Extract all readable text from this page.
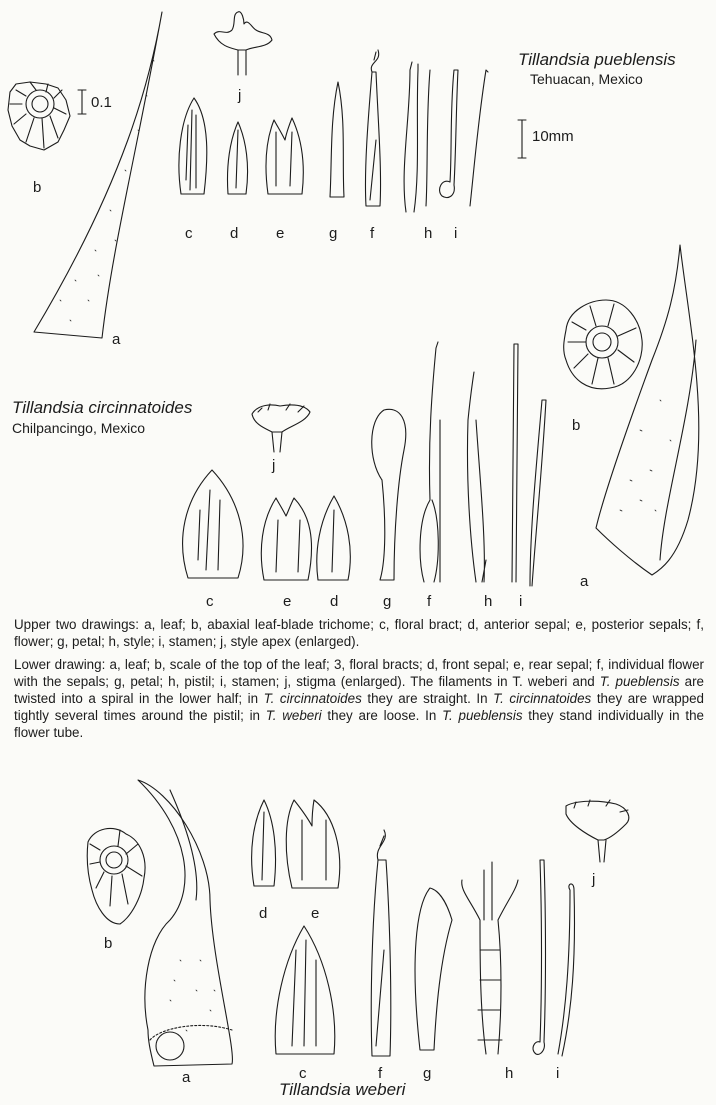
Tillandsia pueblensis
Tehuacan, Mexico
0.1
10mm
j
b
c	d	e	g f	h i
a
Tillandsia circinnatoides
Chilpancingo, Mexico	b
j
a
c	e	d	g f	h i

Upper two drawings: a, leaf; b, abaxial leaf-blade trichome; c, floral bract; d, anterior sepal; e, posterior sepals; f, flower; g, petal; h, style; i, stamen; j, style apex (enlarged).

Lower drawing: a, leaf; b, scale of the top of the leaf; 3, floral bracts; d, front sepal; e, rear sepal; f, individual flower with the sepals; g, petal; h, pistil; i, stamen; j, stigma (enlarged). The filaments in T. weberi and T. pueblensis are twisted into a spiral in the lower half; in T. circinnatoides they are straight. In T. circinnatoides they are wrapped tightly several times around the pistil; in T. weberi they are loose. In T. pueblensis they stand individually in the flower tube.

j
d	e
b
a	c	f	g	h	i
Tillandsia weberi
